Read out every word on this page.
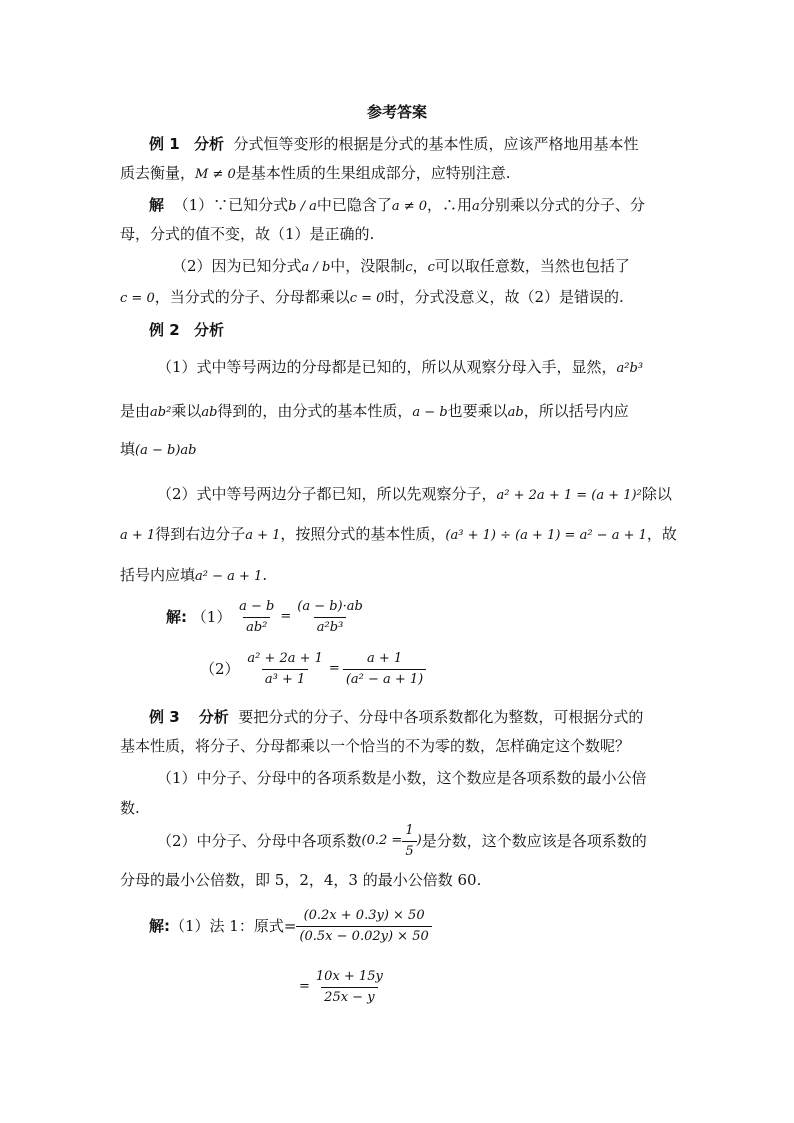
参考答案
例 1 分析 分式恒等变形的根据是分式的基本性质，应该严格地用基本性
质去衡量，M ≠ 0是基本性质的生果组成部分，应特别注意.
解 （1）∵已知分式b / a中已隐含了a ≠ 0，∴用a分别乘以分式的分子、分
母，分式的值不变，故（1）是正确的.
（2）因为已知分式a / b中，没限制c，c可以取任意数，当然也包括了
c = 0，当分式的分子、分母都乘以c = 0时，分式没意义，故（2）是错误的.
例 2 分析
（1）式中等号两边的分母都是已知的，所以从观察分母入手，显然，a²b³
是由ab²乘以ab得到的，由分式的基本性质，a − b也要乘以ab，所以括号内应
填(a − b)ab
（2）式中等号两边分子都已知，所以先观察分子，a² + 2a + 1 = (a + 1)²除以
a + 1得到右边分子a + 1，按照分式的基本性质，(a³ + 1) ÷ (a + 1) = a² − a + 1，故
括号内应填a² − a + 1.
解: $(1) \frac{a - b}{\text{ab²}} = \frac{(a - b)\cdot ab}{\text{a²b³}}$
$(2) \frac{\text{a² + 2a + 1}}{\text{a³ + 1}} = \frac{a + 1}{\text{(a² − a + 1)}}$
例 3 分析 要把分式的分子、分母中各项系数都化为整数，可根据分式的
基本性质，将分子、分母都乘以一个恰当的不为零的数，怎样确定这个数呢？
（1）中分子、分母中的各项系数是小数，这个数应是各项系数的最小公倍
数.
（2）中分子、分母中各项系数($0.2 = \frac{1}{5}$ )是分数，这个数应该是各项系数的
分母的最小公倍数，即 5，2，4，3 的最小公倍数 60.
解:（1）法 1：原式= $\frac{(0.2x + 0.3y) \times 50}{(0.5x - 0.02y) \times 50}$
= $\frac{10x + 15y}{25x - y}$
